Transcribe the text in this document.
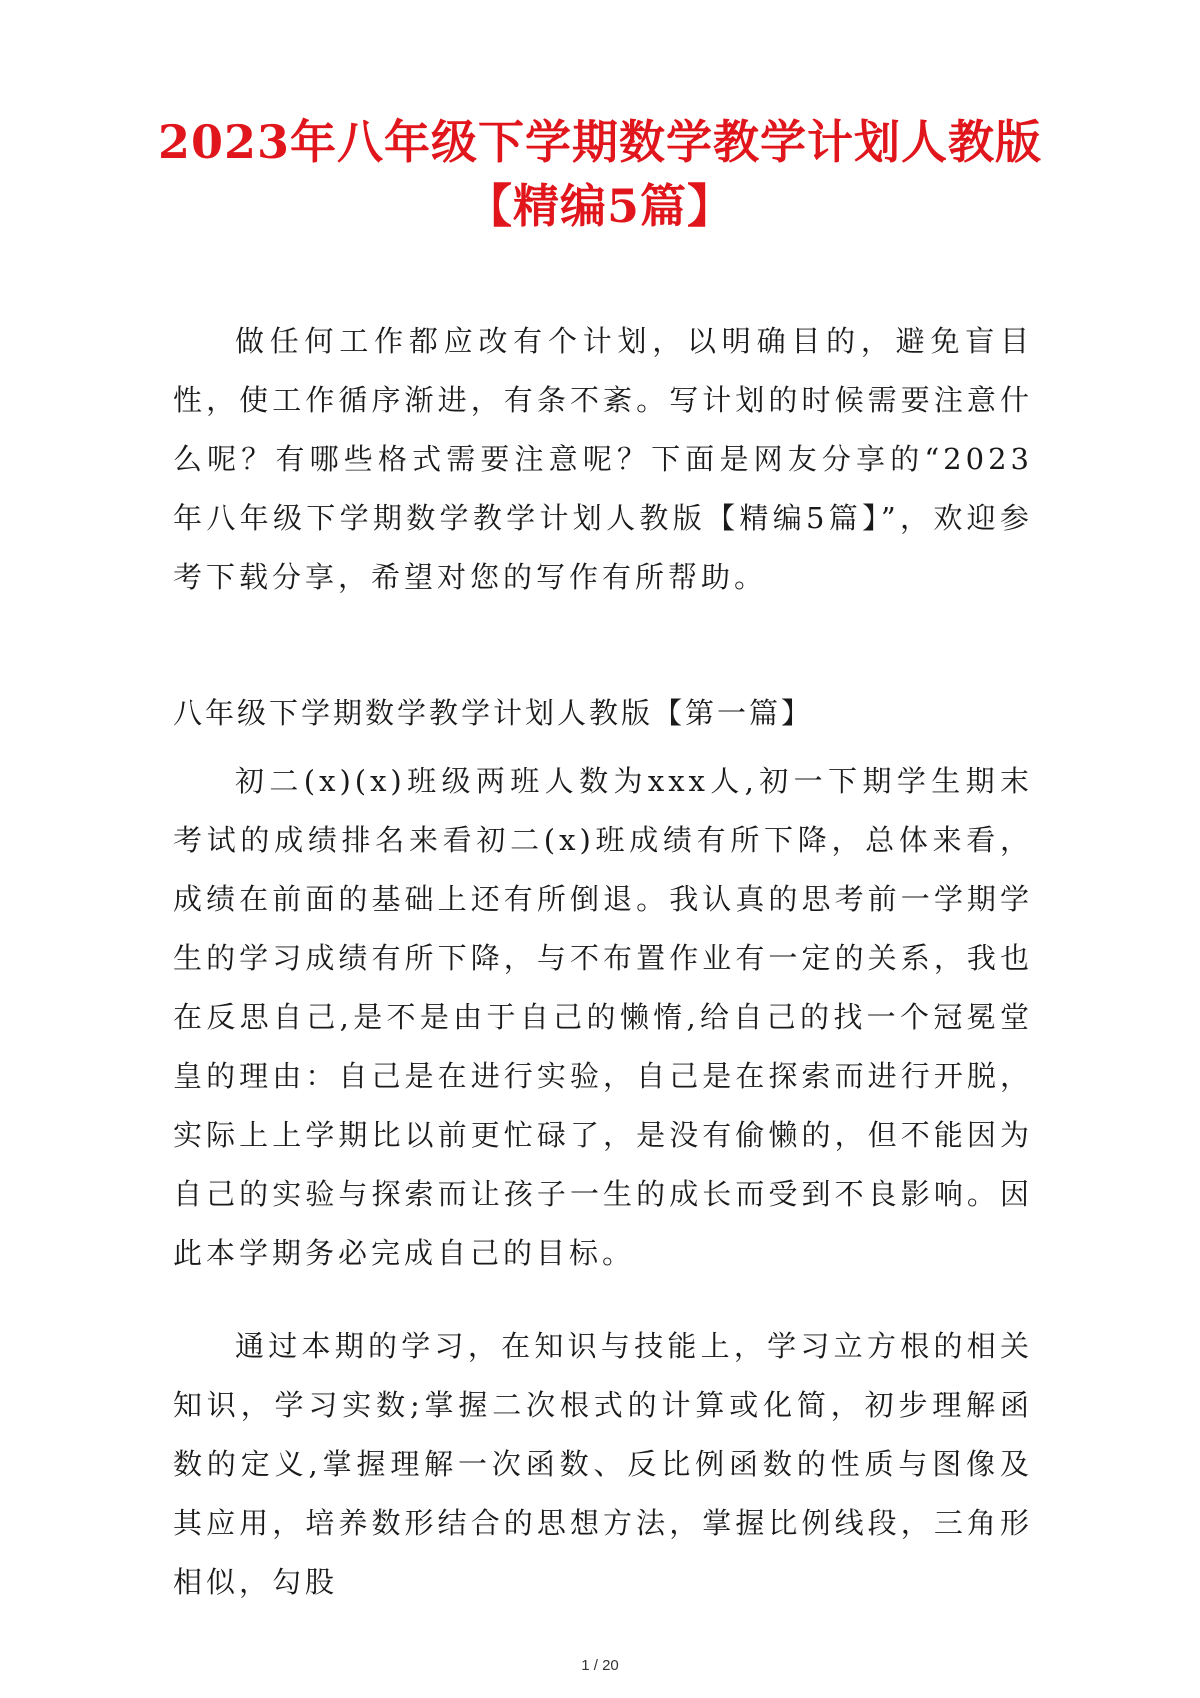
2023年八年级下学期数学教学计划人教版【精编5篇】

做任何工作都应改有个计划，以明确目的，避免盲目性，使工作循序渐进，有条不紊。写计划的时候需要注意什么呢？有哪些格式需要注意呢？下面是网友分享的“2023年八年级下学期数学教学计划人教版【精编5篇】”，欢迎参考下载分享，希望对您的写作有所帮助。

八年级下学期数学教学计划人教版【第一篇】

初二(x)(x)班级两班人数为xxx人,初一下期学生期末考试的成绩排名来看初二(x)班成绩有所下降，总体来看，成绩在前面的基础上还有所倒退。我认真的思考前一学期学生的学习成绩有所下降，与不布置作业有一定的关系，我也在反思自己,是不是由于自己的懒惰,给自己的找一个冠冕堂皇的理由：自己是在进行实验，自己是在探索而进行开脱，实际上上学期比以前更忙碌了，是没有偷懒的，但不能因为自己的实验与探索而让孩子一生的成长而受到不良影响。因此本学期务必完成自己的目标。

通过本期的学习，在知识与技能上，学习立方根的相关知识，学习实数;掌握二次根式的计算或化简，初步理解函数的定义,掌握理解一次函数、反比例函数的性质与图像及其应用，培养数形结合的思想方法，掌握比例线段，三角形相似，勾股

1 / 20
